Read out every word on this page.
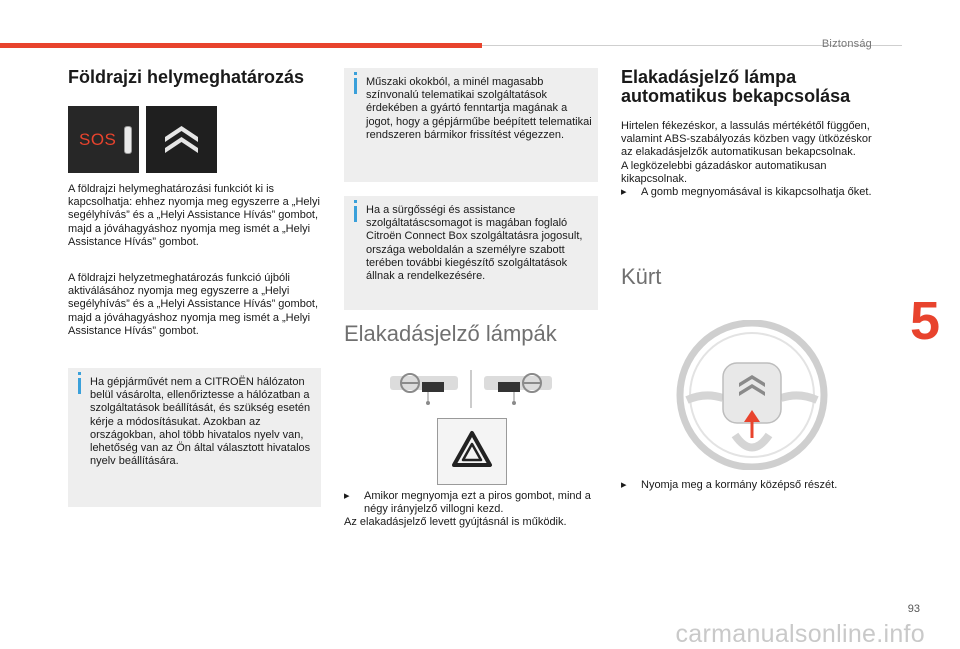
Biztonság
5
93
carmanualsonline.info
Földrajzi helymeghatározás
SOS

A földrajzi helymeghatározási funkciót ki is kapcsolhatja: ehhez nyomja meg egyszerre a „Helyi segélyhívás” és a „Helyi Assistance Hívás” gombot, majd a jóváhagyáshoz nyomja meg ismét a „Helyi Assistance Hívás” gombot.

A földrajzi helyzetmeghatározás funkció újbóli aktiválásához nyomja meg egyszerre a „Helyi segélyhívás” és a „Helyi Assistance Hívás” gombot, majd a jóváhagyáshoz nyomja meg ismét a „Helyi Assistance Hívás” gombot.

Ha gépjárművét nem a CITROËN hálózaton belül vásárolta, ellenőriztesse a hálózatban a szolgáltatások beállítását, és szükség esetén kérje a módosításukat. Azokban az országokban, ahol több hivatalos nyelv van, lehetőség van az Ön által választott hivatalos nyelv beállítására.
Műszaki okokból, a minél magasabb színvonalú telematikai szolgáltatások érdekében a gyártó fenntartja magának a jogot, hogy a gépjárműbe beépített telematikai rendszeren bármikor frissítést végezzen.
Ha a sürgősségi és assistance szolgáltatáscsomagot is magában foglaló Citroën Connect Box szolgáltatásra jogosult, országa weboldalán a személyre szabott terében további kiegészítő szolgáltatások állnak a rendelkezésére.
Elakadásjelző lámpák

▸ Amikor megnyomja ezt a piros gombot, mind a négy irányjelző villogni kezd.

Az elakadásjelző levett gyújtásnál is működik.

Elakadásjelző lámpa
automatikus bekapcsolása

Hirtelen fékezéskor, a lassulás mértékétől függően, valamint ABS-szabályozás közben vagy ütközéskor az elakadásjelzők automatikusan bekapcsolnak.

A legközelebbi gázadáskor automatikusan kikapcsolnak.

▸ A gomb megnyomásával is kikapcsolhatja őket.

Kürt

▸ Nyomja meg a kormány középső részét.
